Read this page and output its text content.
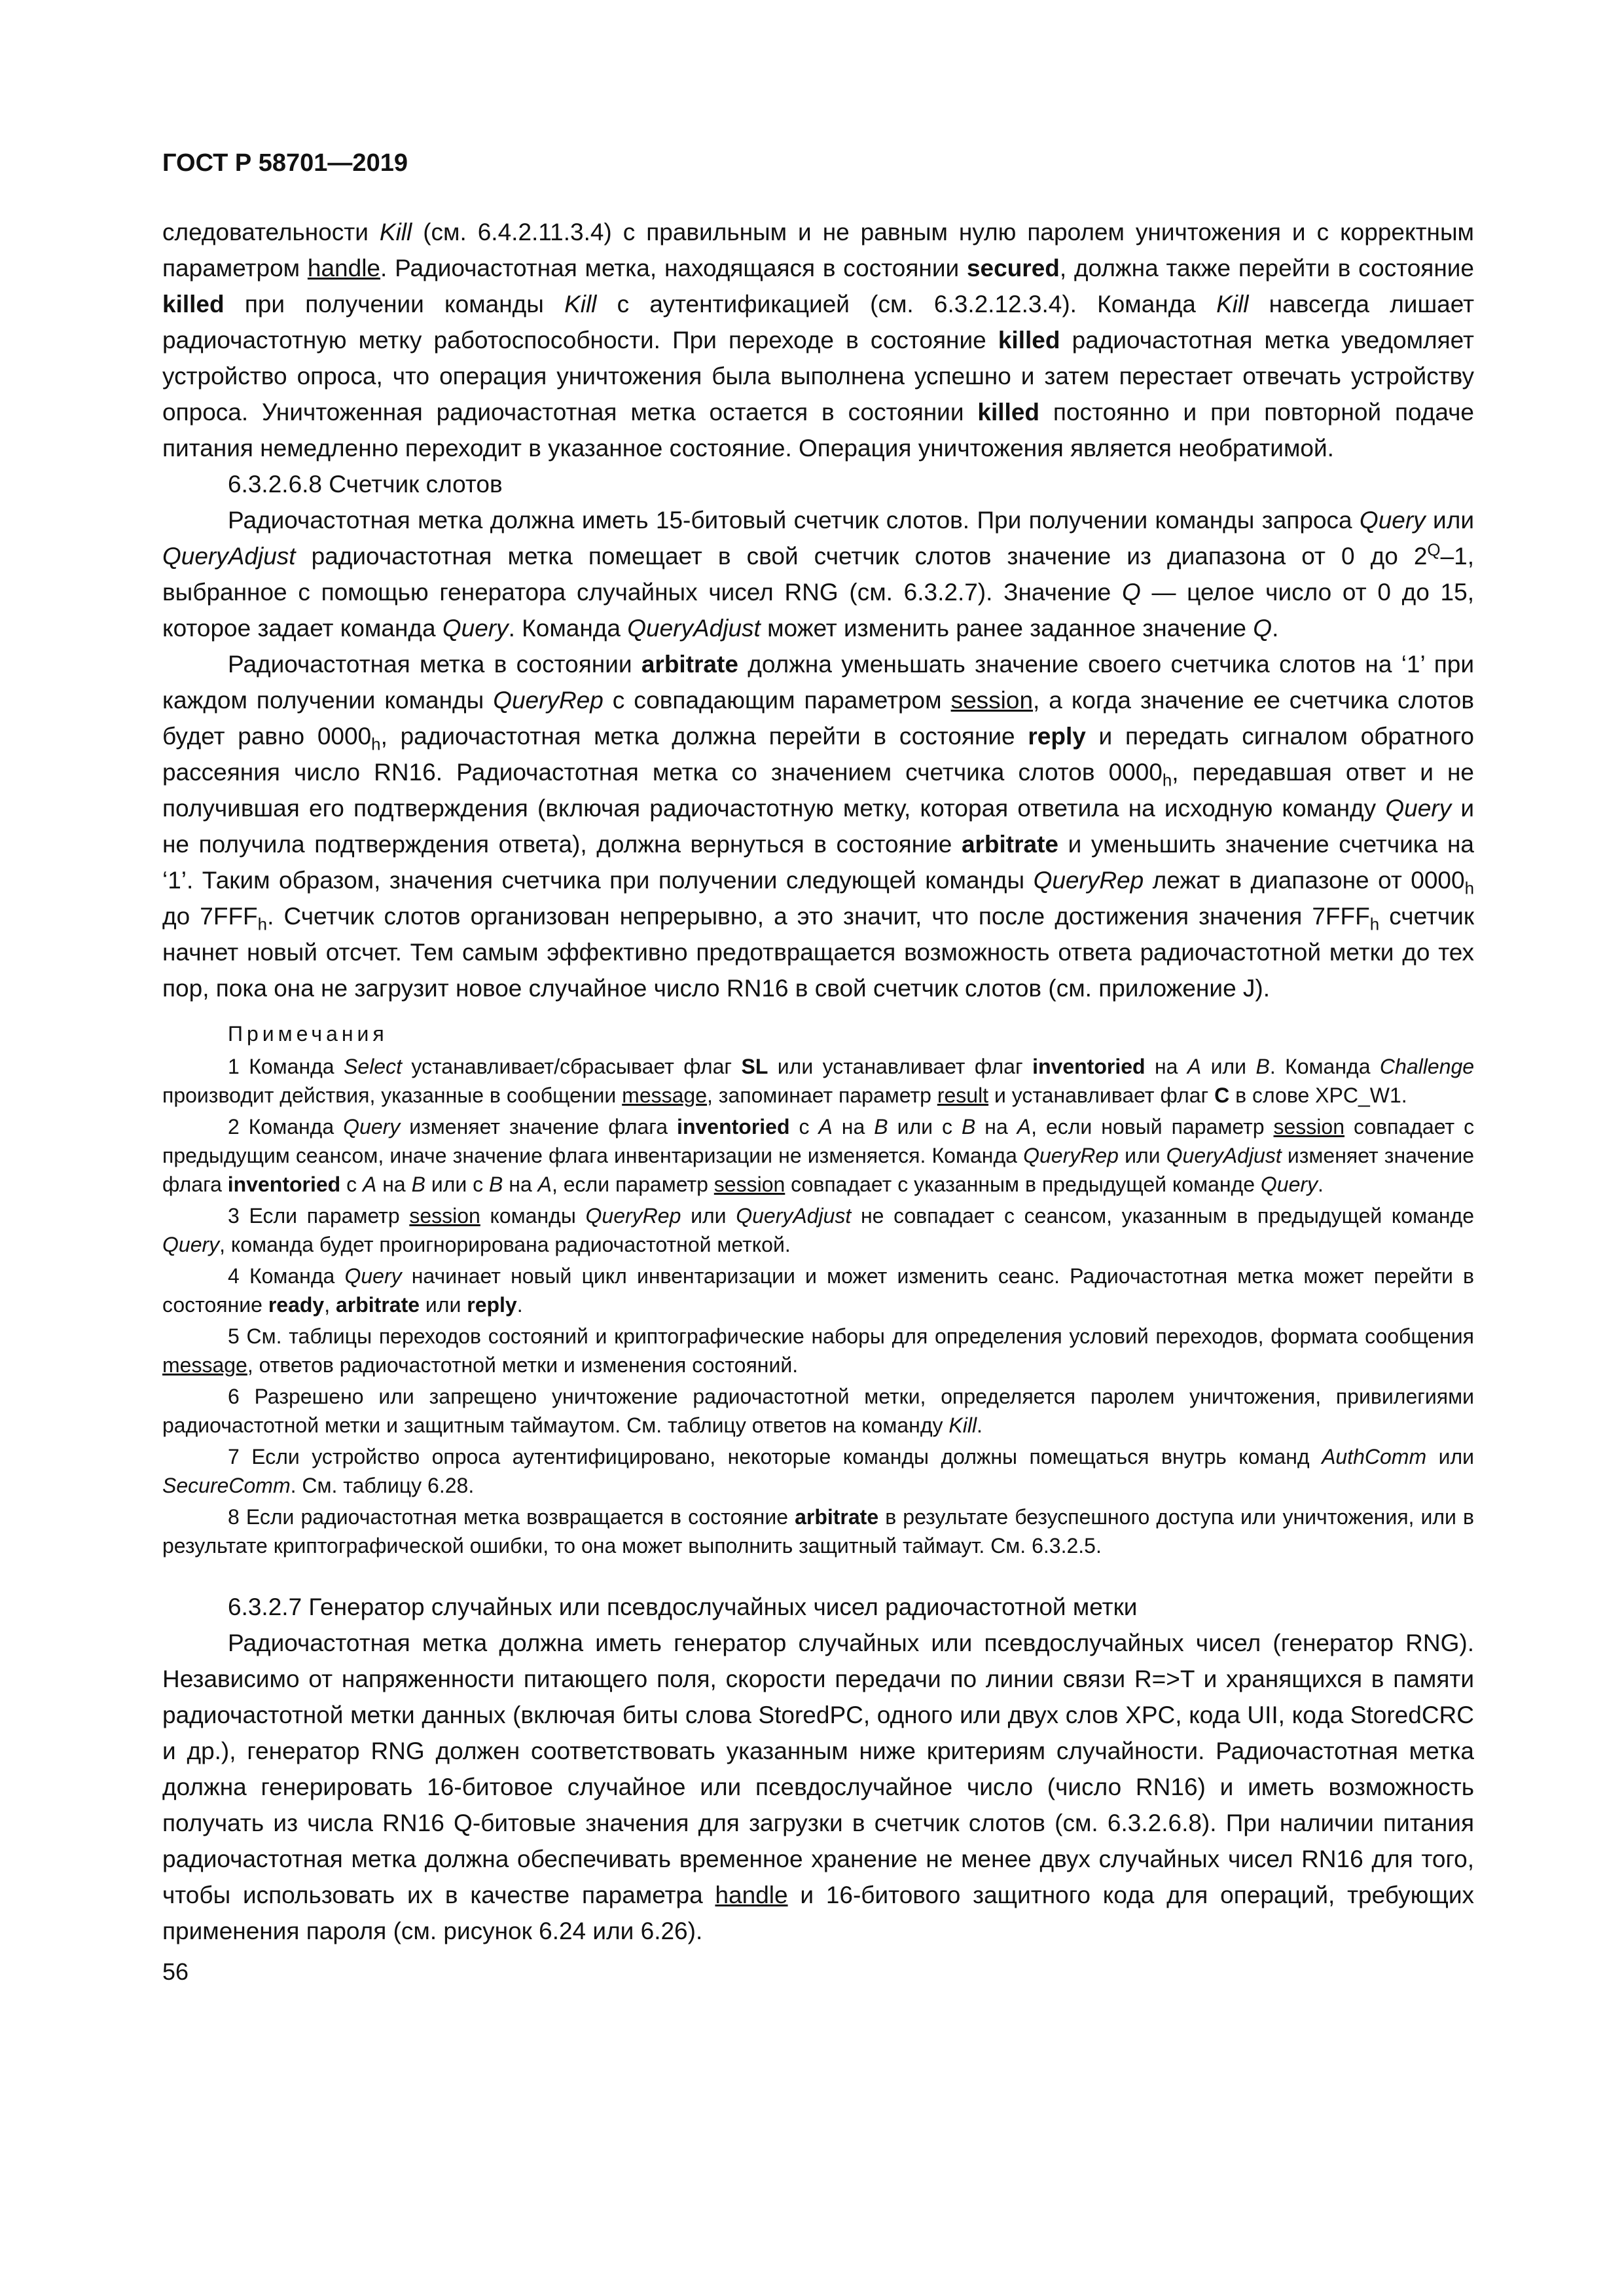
ГОСТ Р 58701—2019

следовательности Kill (см. 6.4.2.11.3.4) с правильным и не равным нулю паролем уничтожения и с корректным параметром handle. Радиочастотная метка, находящаяся в состоянии secured, должна также перейти в состояние killed при получении команды Kill с аутентификацией (см. 6.3.2.12.3.4). Команда Kill навсегда лишает радиочастотную метку работоспособности. При переходе в состояние killed радиочастотная метка уведомляет устройство опроса, что операция уничтожения была выполнена успешно и затем перестает отвечать устройству опроса. Уничтоженная радиочастотная метка остается в состоянии killed постоянно и при повторной подаче питания немедленно переходит в указанное состояние. Операция уничтожения является необратимой.

6.3.2.6.8 Счетчик слотов

Радиочастотная метка должна иметь 15-битовый счетчик слотов. При получении команды запроса Query или QueryAdjust радиочастотная метка помещает в свой счетчик слотов значение из диапазона от 0 до $2^Q-1$, выбранное с помощью генератора случайных чисел RNG (см. 6.3.2.7). Значение Q — целое число от 0 до 15, которое задает команда Query. Команда QueryAdjust может изменить ранее заданное значение Q.

Радиочастотная метка в состоянии arbitrate должна уменьшать значение своего счетчика слотов на ‘1’ при каждом получении команды QueryRep с совпадающим параметром session, а когда значение ее счетчика слотов будет равно $0000_h$, радиочастотная метка должна перейти в состояние reply и передать сигналом обратного рассеяния число RN16. Радиочастотная метка со значением счетчика слотов $0000_h$, передавшая ответ и не получившая его подтверждения (включая радиочастотную метку, которая ответила на исходную команду Query и не получила подтверждения ответа), должна вернуться в состояние arbitrate и уменьшить значение счетчика на ‘1’. Таким образом, значения счетчика при получении следующей команды QueryRep лежат в диапазоне от $0000_h$ до $7FFF_h$. Счетчик слотов организован непрерывно, а это значит, что после достижения значения $7FFF_h$ счетчик начнет новый отсчет. Тем самым эффективно предотвращается возможность ответа радиочастотной метки до тех пор, пока она не загрузит новое случайное число RN16 в свой счетчик слотов (см. приложение J).

Примечания

1 Команда Select устанавливает/сбрасывает флаг SL или устанавливает флаг inventoried на A или B. Команда Challenge производит действия, указанные в сообщении message, запоминает параметр result и устанавливает флаг C в слове XPC_W1.

2 Команда Query изменяет значение флага inventoried с A на B или с B на A, если новый параметр session совпадает с предыдущим сеансом, иначе значение флага инвентаризации не изменяется. Команда QueryRep или QueryAdjust изменяет значение флага inventoried с A на B или с B на A, если параметр session совпадает с указанным в предыдущей команде Query.

3 Если параметр session команды QueryRep или QueryAdjust не совпадает с сеансом, указанным в предыдущей команде Query, команда будет проигнорирована радиочастотной меткой.

4 Команда Query начинает новый цикл инвентаризации и может изменить сеанс. Радиочастотная метка может перейти в состояние ready, arbitrate или reply.

5 См. таблицы переходов состояний и криптографические наборы для определения условий переходов, формата сообщения message, ответов радиочастотной метки и изменения состояний.

6 Разрешено или запрещено уничтожение радиочастотной метки, определяется паролем уничтожения, привилегиями радиочастотной метки и защитным таймаутом. См. таблицу ответов на команду Kill.

7 Если устройство опроса аутентифицировано, некоторые команды должны помещаться внутрь команд AuthComm или SecureComm. См. таблицу 6.28.

8 Если радиочастотная метка возвращается в состояние arbitrate в результате безуспешного доступа или уничтожения, или в результате криптографической ошибки, то она может выполнить защитный таймаут. См. 6.3.2.5.

6.3.2.7 Генератор случайных или псевдослучайных чисел радиочастотной метки

Радиочастотная метка должна иметь генератор случайных или псевдослучайных чисел (генератор RNG). Независимо от напряженности питающего поля, скорости передачи по линии связи R=>T и хранящихся в памяти радиочастотной метки данных (включая биты слова StoredPC, одного или двух слов XPC, кода UII, кода StoredCRC и др.), генератор RNG должен соответствовать указанным ниже критериям случайности. Радиочастотная метка должна генерировать 16-битовое случайное или псевдослучайное число (число RN16) и иметь возможность получать из числа RN16 Q-битовые значения для загрузки в счетчик слотов (см. 6.3.2.6.8). При наличии питания радиочастотная метка должна обеспечивать временное хранение не менее двух случайных чисел RN16 для того, чтобы использовать их в качестве параметра handle и 16-битового защитного кода для операций, требующих применения пароля (см. рисунок 6.24 или 6.26).

56
